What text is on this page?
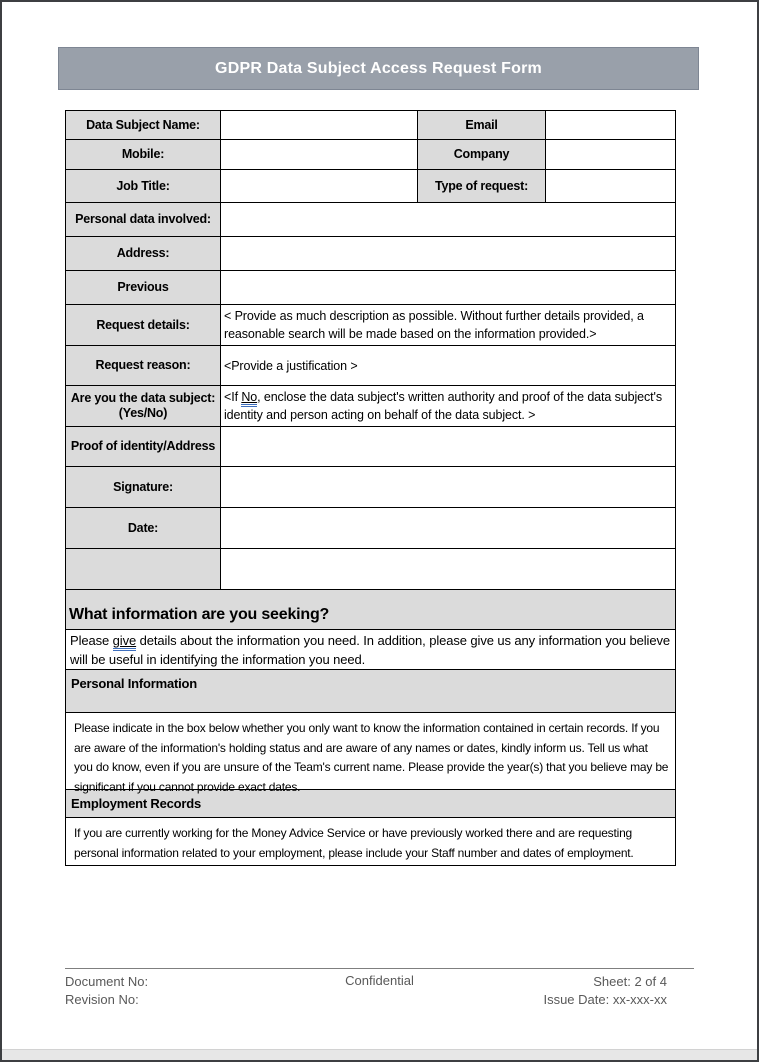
GDPR Data Subject Access Request Form
Data Subject Name:	Email
Mobile:	Company
Job Title:	Type of request:
Personal data involved:
Address:
Previous
Request details:
< Provide as much description as possible. Without further details provided, a reasonable search will be made based on the information provided.>
Request reason:	<Provide a justification >
Are you the data subject:
(Yes/No)
<If No, enclose the data subject's written authority and proof of the data subject's identity and person acting on behalf of the data subject. >
Proof of identity/Address
Signature:
Date:
What information are you seeking?

Please give details about the information you need. In addition, please give us any information you believe will be useful in identifying the information you need.

Personal Information
Please indicate in the box below whether you only want to know the information contained in certain records. If you are aware of the information's holding status and are aware of any names or dates, kindly inform us. Tell us what you do know, even if you are unsure of the Team's current name. Please provide the year(s) that you believe may be significant if you cannot provide exact dates.
Employment Records
If you are currently working for the Money Advice Service or have previously worked there and are requesting personal information related to your employment, please include your Staff number and dates of employment.
Document No:
Revision No:
Confidential	Sheet: 2 of 4
Issue Date: xx-xxx-xx
